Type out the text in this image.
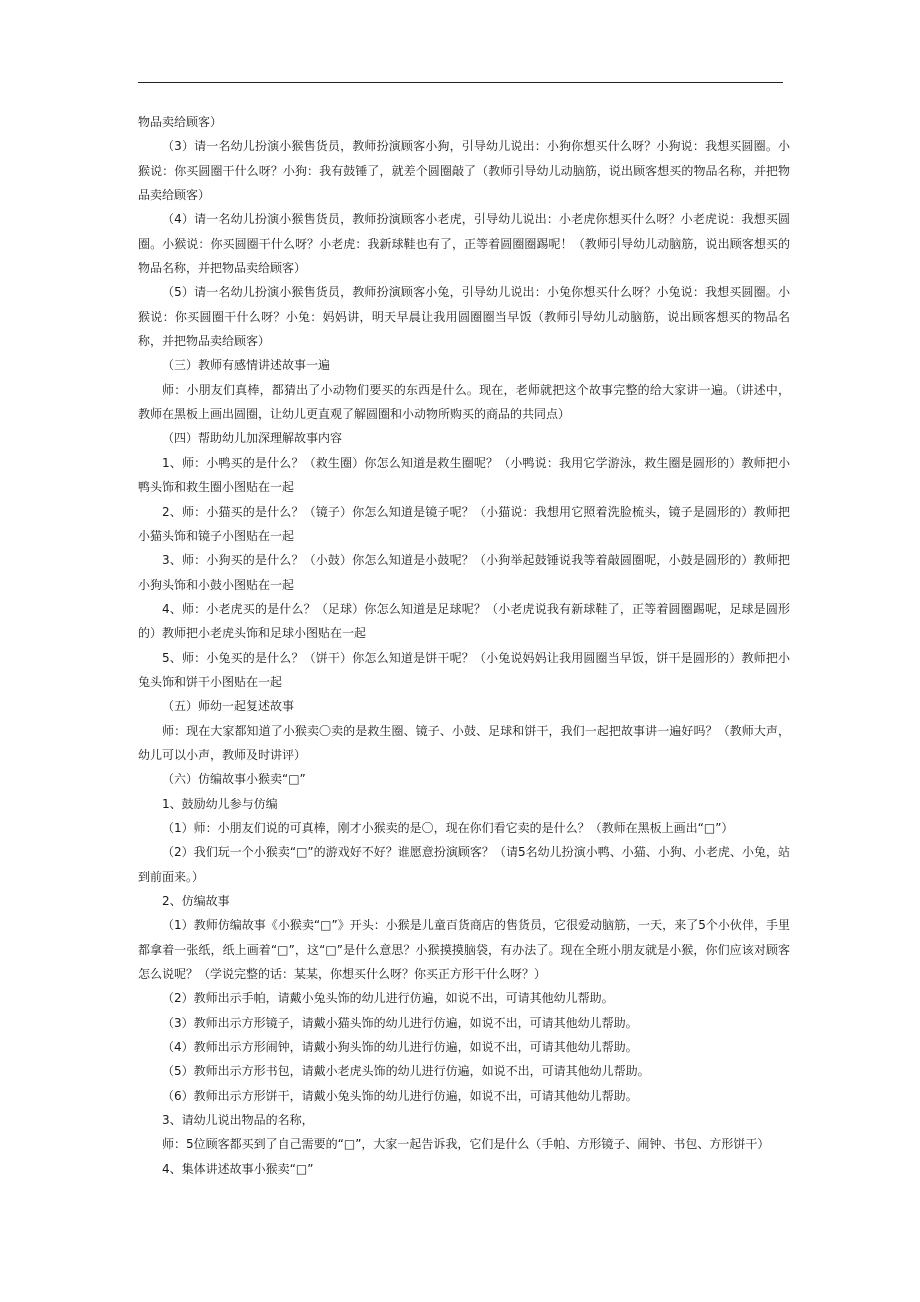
物品卖给顾客）

（3）请一名幼儿扮演小猴售货员，教师扮演顾客小狗，引导幼儿说出：小狗你想买什么呀？小狗说：我想买圆圈。小猴说：你买圆圈干什么呀？小狗：我有鼓锤了，就差个圆圈敲了（教师引导幼儿动脑筋，说出顾客想买的物品名称，并把物品卖给顾客）

（4）请一名幼儿扮演小猴售货员，教师扮演顾客小老虎，引导幼儿说出：小老虎你想买什么呀？小老虎说：我想买圆圈。小猴说：你买圆圈干什么呀？小老虎：我新球鞋也有了，正等着圆圈圈踢呢！（教师引导幼儿动脑筋，说出顾客想买的物品名称，并把物品卖给顾客）

（5）请一名幼儿扮演小猴售货员，教师扮演顾客小兔，引导幼儿说出：小兔你想买什么呀？小兔说：我想买圆圈。小猴说：你买圆圈干什么呀？小兔：妈妈讲，明天早晨让我用圆圈圈当早饭（教师引导幼儿动脑筋，说出顾客想买的物品名称，并把物品卖给顾客）

（三）教师有感情讲述故事一遍

师：小朋友们真棒，都猜出了小动物们要买的东西是什么。现在，老师就把这个故事完整的给大家讲一遍。（讲述中，教师在黑板上画出圆圈，让幼儿更直观了解圆圈和小动物所购买的商品的共同点）

（四）帮助幼儿加深理解故事内容

1、师：小鸭买的是什么？（救生圈）你怎么知道是救生圈呢？（小鸭说：我用它学游泳，救生圈是圆形的）教师把小鸭头饰和救生圈小图贴在一起

2、师：小猫买的是什么？（镜子）你怎么知道是镜子呢？（小猫说：我想用它照着洗脸梳头，镜子是圆形的）教师把小猫头饰和镜子小图贴在一起

3、师：小狗买的是什么？（小鼓）你怎么知道是小鼓呢？（小狗举起鼓锤说我等着敲圆圈呢，小鼓是圆形的）教师把小狗头饰和小鼓小图贴在一起

4、师：小老虎买的是什么？（足球）你怎么知道是足球呢？（小老虎说我有新球鞋了，正等着圆圈踢呢，足球是圆形的）教师把小老虎头饰和足球小图贴在一起

5、师：小兔买的是什么？（饼干）你怎么知道是饼干呢？（小兔说妈妈让我用圆圈当早饭，饼干是圆形的）教师把小兔头饰和饼干小图贴在一起

（五）师幼一起复述故事

师：现在大家都知道了小猴卖〇卖的是救生圈、镜子、小鼓、足球和饼干，我们一起把故事讲一遍好吗？（教师大声，幼儿可以小声，教师及时讲评）

（六）仿编故事小猴卖“□”

1、鼓励幼儿参与仿编

（1）师：小朋友们说的可真棒，刚才小猴卖的是〇，现在你们看它卖的是什么？（教师在黑板上画出“□”）

（2）我们玩一个小猴卖“□”的游戏好不好？谁愿意扮演顾客？（请5名幼儿扮演小鸭、小猫、小狗、小老虎、小兔，站到前面来。）

2、仿编故事

（1）教师仿编故事《小猴卖“□”》开头：小猴是儿童百货商店的售货员，它很爱动脑筋，一天，来了5个小伙伴，手里都拿着一张纸，纸上画着“□”，这“□”是什么意思？小猴摸摸脑袋，有办法了。现在全班小朋友就是小猴，你们应该对顾客怎么说呢？（学说完整的话：某某，你想买什么呀？你买正方形干什么呀？）

（2）教师出示手帕，请戴小兔头饰的幼儿进行仿遍，如说不出，可请其他幼儿帮助。

（3）教师出示方形镜子，请戴小猫头饰的幼儿进行仿遍，如说不出，可请其他幼儿帮助。

（4）教师出示方形闹钟，请戴小狗头饰的幼儿进行仿遍，如说不出，可请其他幼儿帮助。

（5）教师出示方形书包，请戴小老虎头饰的幼儿进行仿遍，如说不出，可请其他幼儿帮助。

（6）教师出示方形饼干，请戴小兔头饰的幼儿进行仿遍，如说不出，可请其他幼儿帮助。

3、请幼儿说出物品的名称，

师：5位顾客都买到了自己需要的“□”，大家一起告诉我，它们是什么（手帕、方形镜子、闹钟、书包、方形饼干）

4、集体讲述故事小猴卖“□”
